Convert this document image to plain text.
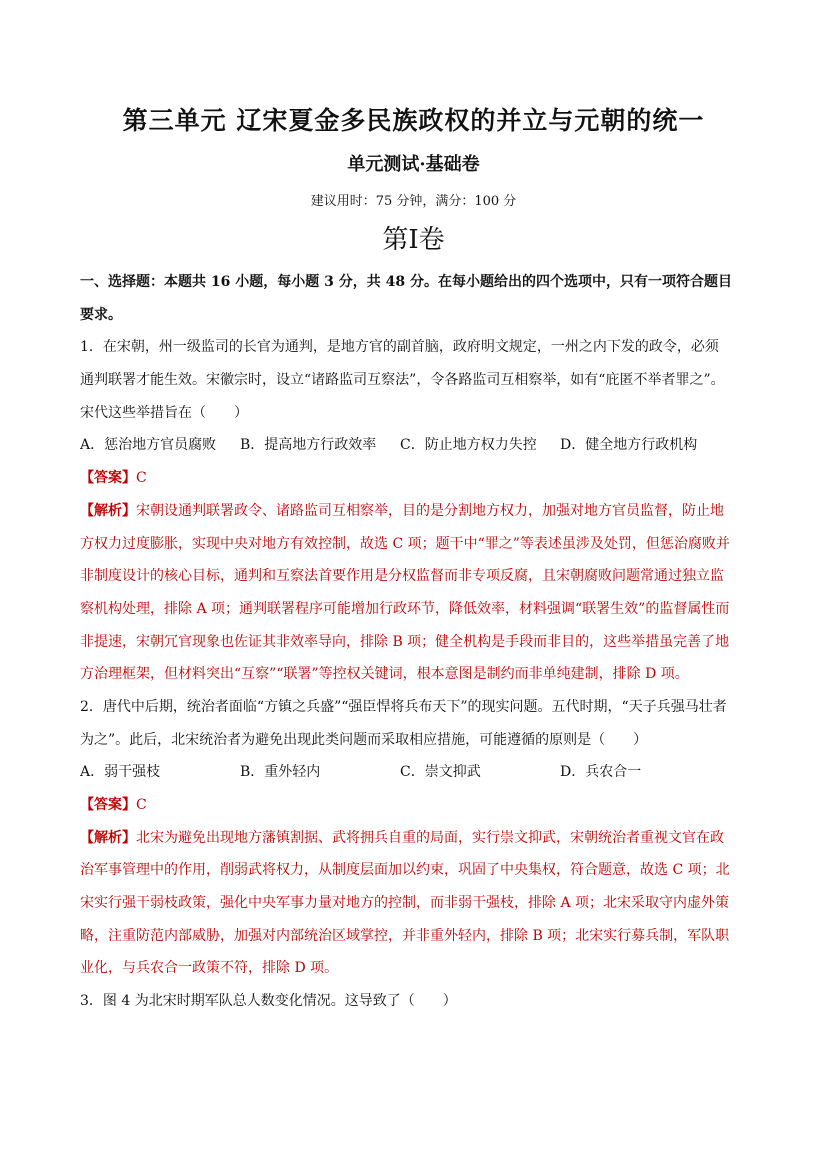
第三单元 辽宋夏金多民族政权的并立与元朝的统一
单元测试·基础卷
建议用时：75 分钟，满分：100 分
第Ⅰ卷
一、选择题：本题共 16 小题，每小题 3 分，共 48 分。在每小题给出的四个选项中，只有一项符合题目
要求。
1．在宋朝，州一级监司的长官为通判，是地方官的副首脑，政府明文规定，一州之内下发的政令，必须
通判联署才能生效。宋徽宗时，设立“诸路监司互察法”，令各路监司互相察举，如有“庇匿不举者罪之”。
宋代这些举措旨在（　　）
A．惩治地方官员腐败	B．提高地方行政效率	C．防止地方权力失控	D．健全地方行政机构
【答案】C
【解析】宋朝设通判联署政令、诸路监司互相察举，目的是分割地方权力，加强对地方官员监督，防止地
方权力过度膨胀，实现中央对地方有效控制，故选 C 项；题干中“罪之”等表述虽涉及处罚，但惩治腐败并
非制度设计的核心目标，通判和互察法首要作用是分权监督而非专项反腐，且宋朝腐败问题常通过独立监
察机构处理，排除 A 项；通判联署程序可能增加行政环节，降低效率，材料强调“联署生效”的监督属性而
非提速，宋朝冗官现象也佐证其非效率导向，排除 B 项；健全机构是手段而非目的，这些举措虽完善了地
方治理框架，但材料突出“互察”“联署”等控权关键词，根本意图是制约而非单纯建制，排除 D 项。
2．唐代中后期，统治者面临“方镇之兵盛”“强臣悍将兵布天下”的现实问题。五代时期，“天子兵强马壮者
为之”。此后，北宋统治者为避免出现此类问题而采取相应措施，可能遵循的原则是（　　）
A．弱干强枝	B．重外轻内	C．崇文抑武	D．兵农合一
【答案】C
【解析】北宋为避免出现地方藩镇割据、武将拥兵自重的局面，实行崇文抑武，宋朝统治者重视文官在政
治军事管理中的作用，削弱武将权力，从制度层面加以约束，巩固了中央集权，符合题意，故选 C 项；北
宋实行强干弱枝政策，强化中央军事力量对地方的控制，而非弱干强枝，排除 A 项；北宋采取守内虚外策
略，注重防范内部威胁，加强对内部统治区域掌控，并非重外轻内，排除 B 项；北宋实行募兵制，军队职
业化，与兵农合一政策不符，排除 D 项。
3．图 4 为北宋时期军队总人数变化情况。这导致了（　　）
